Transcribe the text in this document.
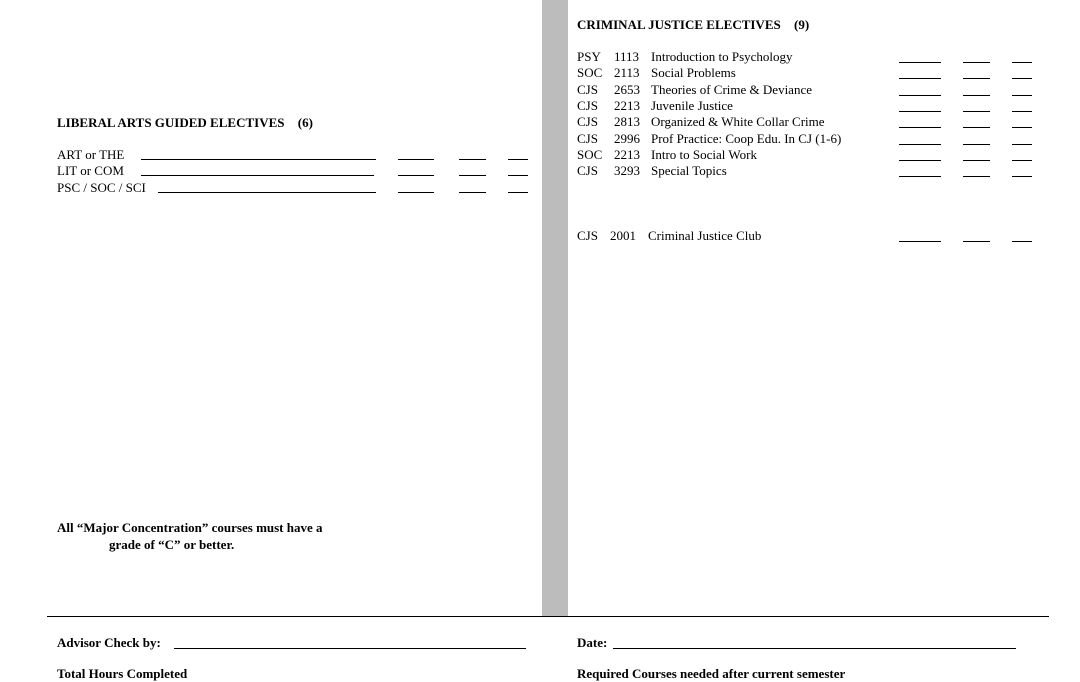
LIBERAL ARTS GUIDED ELECTIVES (6)
ART or THE
LIT or COM
PSC / SOC / SCI
All “Major Concentration” courses must have a
grade of “C” or better.
CRIMINAL JUSTICE ELECTIVES (9)
PSY 1113 Introduction to Psychology
SOC 2113 Social Problems
CJS 2653 Theories of Crime & Deviance
CJS 2213 Juvenile Justice
CJS 2813 Organized & White Collar Crime
CJS 2996 Prof Practice: Coop Edu. In CJ (1-6)
SOC 2213 Intro to Social Work
CJS 3293 Special Topics
CJS 2001 Criminal Justice Club
Advisor Check by:	Date:
Total Hours Completed	Required Courses needed after current semester
